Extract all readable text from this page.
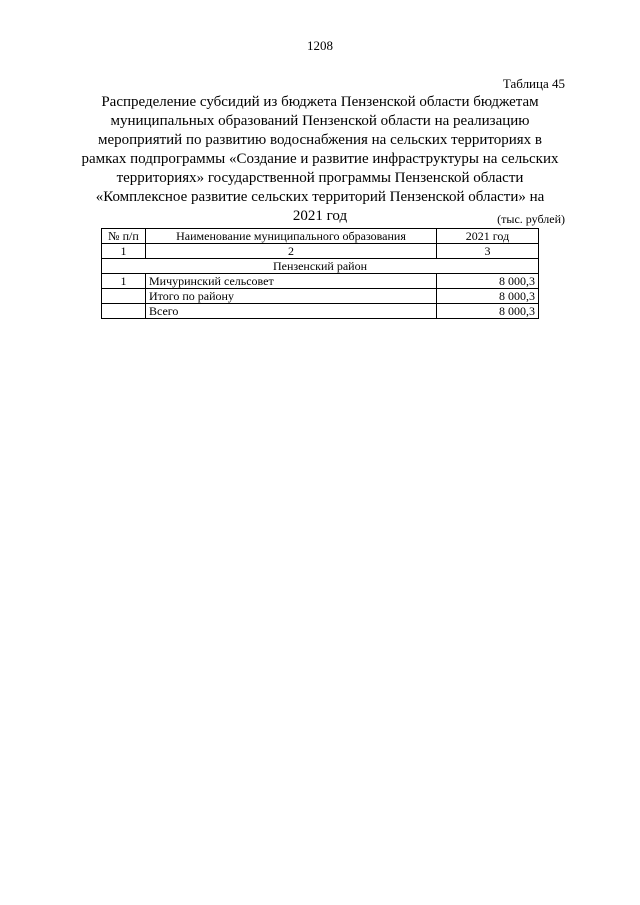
1208
Таблица 45
Распределение субсидий из бюджета Пензенской области бюджетам
муниципальных образований Пензенской области на реализацию
мероприятий по развитию водоснабжения на сельских территориях в
рамках подпрограммы «Создание и развитие инфраструктуры на сельских
территориях» государственной программы Пензенской области
«Комплексное развитие сельских территорий Пензенской области» на
2021 год	(тыс. рублей)
№ п/п	Наименование муниципального образования	2021 год
1	2	3
Пензенский район		
1	Мичуринский сельсовет	8 000,3
	Итого по району	8 000,3
	Всего	8 000,3
